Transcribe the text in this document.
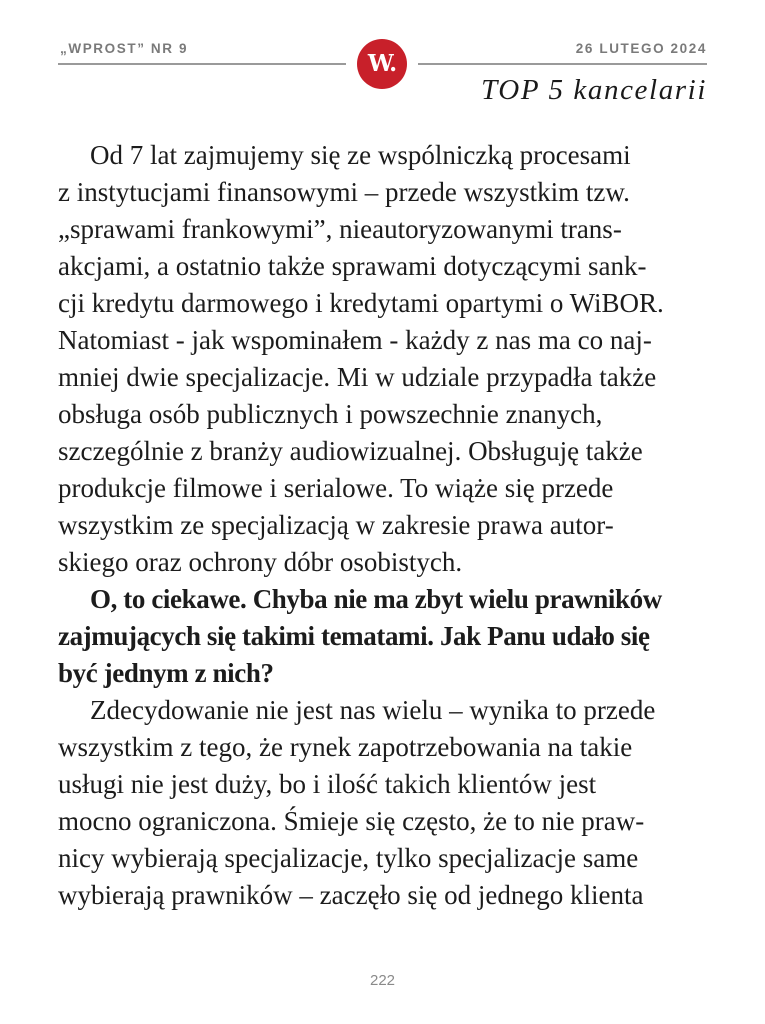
„WPROST” NR 9
W.
26 LUTEGO 2024
TOP 5 kancelarii

Od 7 lat zajmujemy się ze wspólniczką procesami
z instytucjami finansowymi – przede wszystkim tzw.
„sprawami frankowymi”, nieautoryzowanymi trans-
akcjami, a ostatnio także sprawami dotyczącymi sank-
cji kredytu darmowego i kredytami opartymi o WiBOR.
Natomiast - jak wspominałem - każdy z nas ma co naj-
mniej dwie specjalizacje. Mi w udziale przypadła także
obsługa osób publicznych i powszechnie znanych,
szczególnie z branży audiowizualnej. Obsługuję także
produkcje filmowe i serialowe. To wiąże się przede
wszystkim ze specjalizacją w zakresie prawa autor-
skiego oraz ochrony dóbr osobistych.

O, to ciekawe. Chyba nie ma zbyt wielu prawników
zajmujących się takimi tematami. Jak Panu udało się
być jednym z nich?

Zdecydowanie nie jest nas wielu – wynika to przede
wszystkim z tego, że rynek zapotrzebowania na takie
usługi nie jest duży, bo i ilość takich klientów jest
mocno ograniczona. Śmieje się często, że to nie praw-
nicy wybierają specjalizacje, tylko specjalizacje same
wybierają prawników – zaczęło się od jednego klienta

222
